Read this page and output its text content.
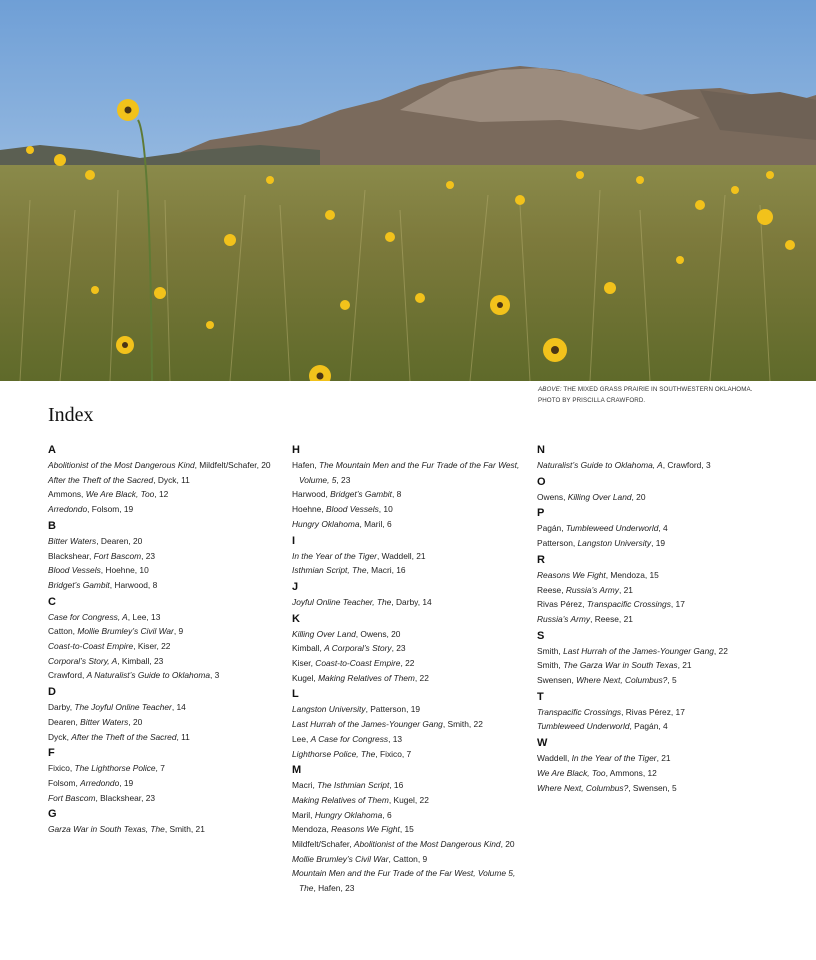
ABOVE: THE MIXED GRASS PRAIRIE IN SOUTHWESTERN OKLAHOMA.
PHOTO BY PRISCILLA CRAWFORD.
Index
A
Abolitionist of the Most Dangerous Kind, Mildfelt/Schafer, 20
After the Theft of the Sacred, Dyck, 11
Ammons, We Are Black, Too, 12
Arredondo, Folsom, 19
B
Bitter Waters, Dearen, 20
Blackshear, Fort Bascom, 23
Blood Vessels, Hoehne, 10
Bridget’s Gambit, Harwood, 8
C
Case for Congress, A, Lee, 13
Catton, Mollie Brumley’s Civil War, 9
Coast-to-Coast Empire, Kiser, 22
Corporal’s Story, A, Kimball, 23
Crawford, A Naturalist’s Guide to Oklahoma, 3
D
Darby, The Joyful Online Teacher, 14
Dearen, Bitter Waters, 20
Dyck, After the Theft of the Sacred, 11
F
Fixico, The Lighthorse Police, 7
Folsom, Arredondo, 19
Fort Bascom, Blackshear, 23
G
Garza War in South Texas, The, Smith, 21
H
Hafen, The Mountain Men and the Fur Trade of the Far West, Volume, 5, 23
Harwood, Bridget’s Gambit, 8
Hoehne, Blood Vessels, 10
Hungry Oklahoma, Maril, 6
I
In the Year of the Tiger, Waddell, 21
Isthmian Script, The, Macri, 16
J
Joyful Online Teacher, The, Darby, 14
K
Killing Over Land, Owens, 20
Kimball, A Corporal’s Story, 23
Kiser, Coast-to-Coast Empire, 22
Kugel, Making Relatives of Them, 22
L
Langston University, Patterson, 19
Last Hurrah of the James-Younger Gang, Smith, 22
Lee, A Case for Congress, 13
Lighthorse Police, The, Fixico, 7
M
Macri, The Isthmian Script, 16
Making Relatives of Them, Kugel, 22
Maril, Hungry Oklahoma, 6
Mendoza, Reasons We Fight, 15
Mildfelt/Schafer, Abolitionist of the Most Dangerous Kind, 20
Mollie Brumley’s Civil War, Catton, 9
Mountain Men and the Fur Trade of the Far West, Volume 5, The, Hafen, 23
N
Naturalist’s Guide to Oklahoma, A, Crawford, 3
O
Owens, Killing Over Land, 20
P
Pagán, Tumbleweed Underworld, 4
Patterson, Langston University, 19
R
Reasons We Fight, Mendoza, 15
Reese, Russia’s Army, 21
Rivas Pérez, Transpacific Crossings, 17
Russia’s Army, Reese, 21
S
Smith, Last Hurrah of the James-Younger Gang, 22
Smith, The Garza War in South Texas, 21
Swensen, Where Next, Columbus?, 5
T
Transpacific Crossings, Rivas Pérez, 17
Tumbleweed Underworld, Pagán, 4
W
Waddell, In the Year of the Tiger, 21
We Are Black, Too, Ammons, 12
Where Next, Columbus?, Swensen, 5
